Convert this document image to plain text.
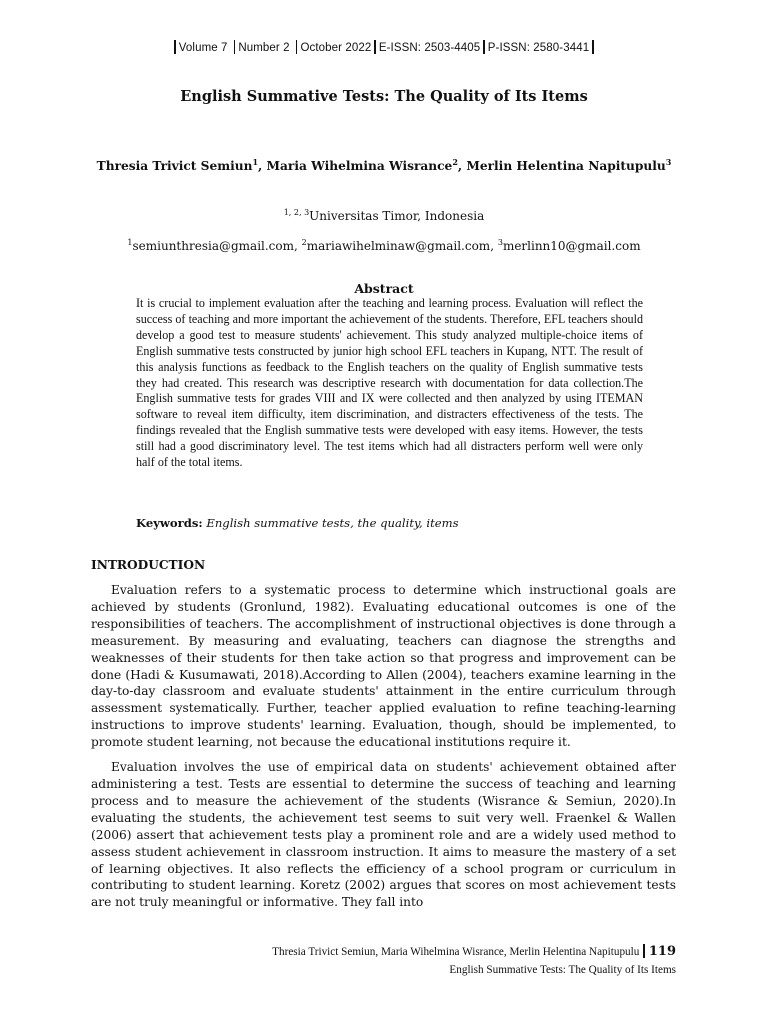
Volume 7 Number 2 October 2022 E-ISSN: 2503-4405 P-ISSN: 2580-3441
English Summative Tests: The Quality of Its Items
Thresia Trivict Semiun$^1$, Maria Wihelmina Wisrance$^2$, Merlin Helentina Napitupulu$^3$
$^{1, 2, 3}$Universitas Timor, Indonesia
$^1$semiunthresia@gmail.com, $^2$mariawihelminaw@gmail.com, $^3$merlinn10@gmail.com
Abstract
It is crucial to implement evaluation after the teaching and learning process. Evaluation will reflect the success of teaching and more important the achievement of the students. Therefore, EFL teachers should develop a good test to measure students' achievement. This study analyzed multiple-choice items of English summative tests constructed by junior high school EFL teachers in Kupang, NTT. The result of this analysis functions as feedback to the English teachers on the quality of English summative tests they had created. This research was descriptive research with documentation for data collection.The English summative tests for grades VIII and IX were collected and then analyzed by using ITEMAN software to reveal item difficulty, item discrimination, and distracters effectiveness of the tests. The findings revealed that the English summative tests were developed with easy items. However, the tests still had a good discriminatory level. The test items which had all distracters perform well were only half of the total items.
Keywords: English summative tests, the quality, items
INTRODUCTION

Evaluation refers to a systematic process to determine which instructional goals are achieved by students (Gronlund, 1982). Evaluating educational outcomes is one of the responsibilities of teachers. The accomplishment of instructional objectives is done through a measurement. By measuring and evaluating, teachers can diagnose the strengths and weaknesses of their students for then take action so that progress and improvement can be done (Hadi & Kusumawati, 2018).According to Allen (2004), teachers examine learning in the day-to-day classroom and evaluate students' attainment in the entire curriculum through assessment systematically. Further, teacher applied evaluation to refine teaching-learning instructions to improve students' learning. Evaluation, though, should be implemented, to promote student learning, not because the educational institutions require it.

Evaluation involves the use of empirical data on students' achievement obtained after administering a test. Tests are essential to determine the success of teaching and learning process and to measure the achievement of the students (Wisrance & Semiun, 2020).In evaluating the students, the achievement test seems to suit very well. Fraenkel & Wallen (2006) assert that achievement tests play a prominent role and are a widely used method to assess student achievement in classroom instruction. It aims to measure the mastery of a set of learning objectives. It also reflects the efficiency of a school program or curriculum in contributing to student learning. Koretz (2002) argues that scores on most achievement tests are not truly meaningful or informative. They fall into

Thresia Trivict Semiun, Maria Wihelmina Wisrance, Merlin Helentina Napitupulu 119
English Summative Tests: The Quality of Its Items
